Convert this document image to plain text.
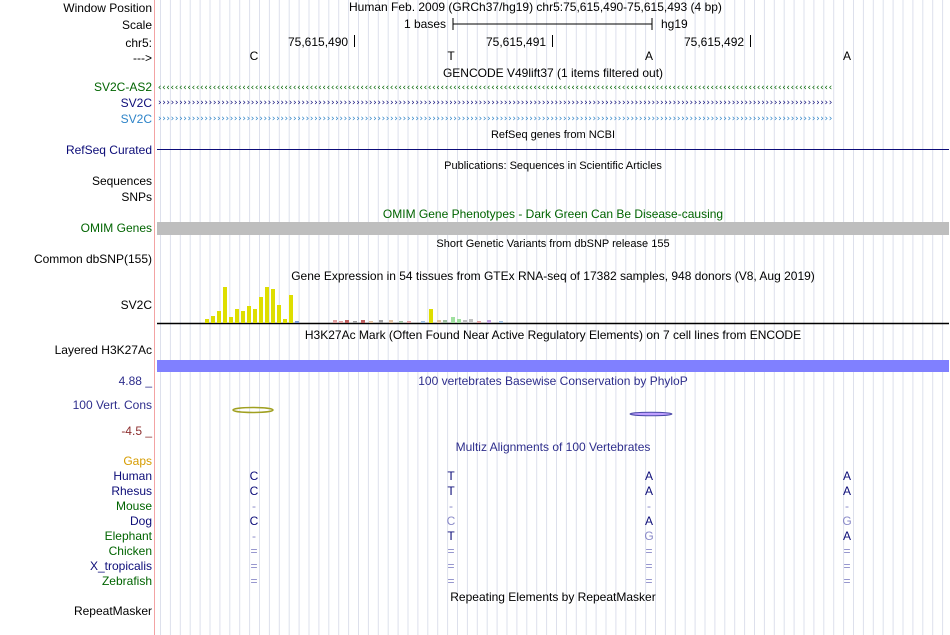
Window Position	Human Feb. 2009 (GRCh37/hg19) chr5:75,615,490-75,615,493 (4 bp)
Scale	1 bases	hg19
chr5:	75,615,490	75,615,491	75,615,492
--->	C	T	A	A
GENCODE V49lift37 (1 items filtered out)
SV2C-AS2 ‹‹‹‹‹‹‹‹‹‹‹‹‹‹‹‹‹‹‹‹‹‹‹‹‹‹‹‹‹‹‹‹‹‹‹‹‹‹‹‹‹‹‹‹‹‹‹‹‹‹‹‹‹‹‹‹‹‹‹‹‹‹‹‹‹‹‹‹‹‹‹‹‹‹‹‹‹‹‹‹‹‹‹‹‹‹‹‹‹‹‹‹‹‹‹‹‹‹‹‹‹‹‹‹‹‹‹‹‹‹‹‹‹‹‹‹‹‹‹‹‹‹‹‹‹‹‹‹‹‹‹‹‹‹‹‹‹‹‹‹‹‹‹‹‹‹‹‹‹‹‹‹‹‹‹‹‹‹‹‹
SV2C ››››››››››››››››››››››››››››››››››››››››››››››››››››››››››››››››››››››››››››››››››››››››››››››››››››››››››››››››››››››››››››››››››››››››››››››››››››››››››››››››
SV2C ››››››››››››››››››››››››››››››››››››››››››››››››››››››››››››››››››››››››››››››››››››››››››››››››››››››››››››››››››››››››››››››››››››››››››››››››››››››››››››››››
RefSeq genes from NCBI
RefSeq Curated
Publications: Sequences in Scientific Articles
Sequences
SNPs
OMIM Gene Phenotypes - Dark Green Can Be Disease-causing
OMIM Genes
Short Genetic Variants from dbSNP release 155
Common dbSNP(155)
Gene Expression in 54 tissues from GTEx RNA-seq of 17382 samples, 948 donors (V8, Aug 2019)
SV2C
H3K27Ac Mark (Often Found Near Active Regulatory Elements) on 7 cell lines from ENCODE
Layered H3K27Ac
100 vertebrates Basewise Conservation by PhyloP
4.88 _
100 Vert. Cons
-4.5 _
Multiz Alignments of 100 Vertebrates
Gaps
Human	C	T	A	A
Rhesus	C	T	A	A
Mouse	-	-	-	-
Dog	C	C	A	G
Elephant	-	T	G	A
Chicken	=	=	=	=
X_tropicalis	=	=	=	=
Zebrafish	=	=	=	=
Repeating Elements by RepeatMasker
RepeatMasker
